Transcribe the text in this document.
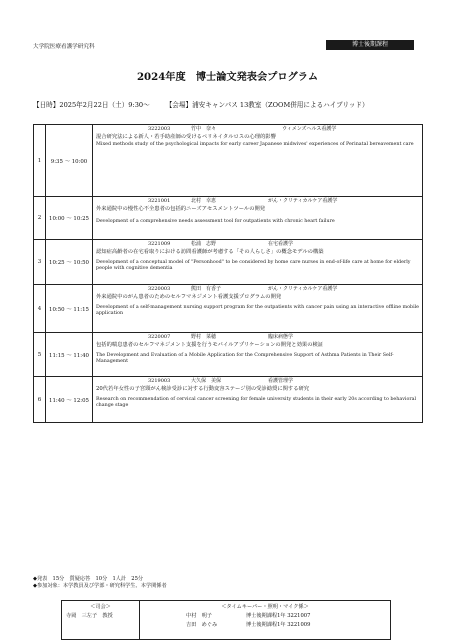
大学院医療看護学研究科	博士後期課程
2024年度　博士論文発表会プログラム
【日時】2025年2月22日（土）9:30〜 【会場】浦安キャンパス 13教室（ZOOM併用によるハイブリッド）
1	9:35 〜 10:00
3222003	竹中　奈々	ウィメンズヘルス看護学
混合研究法による新人・若手助産師の受けるペリネイタルロスの心理的影響
Mixed methods study of the psychological impacts for early career Japanese midwives' experiences of Perinatal bereavement care
2	10:00 〜 10:25
3221001	北村　幸恵	がん・クリティカルケア看護学
外来通院中の慢性心不全患者の包括的ニーズアセスメントツールの開発
Development of a comprehensive needs assessment tool for outpatients with chronic heart failure
3	10:25 〜 10:50
3221009	松浦　志野	在宅看護学
認知症高齢者の在宅看取りにおける訪問看護師が考慮する「その人らしさ」の概念モデルの構築
Development of a conceptual model of "Personhood" to be considered by home care nurses in end-of-life care at home for elderly people with cognitive dementia
4	10:50 〜 11:15
3220003	熊田　有香子	がん・クリティカルケア看護学
外来通院中のがん患者のためのセルフマネジメント看護支援プログラムの開発
Development of a self-management nursing support program for the outpatients with cancer pain using an interactive offline mobile application
5	11:15 〜 11:40
3220007	野村　菜穂	臨床病態学
包括的喘息患者のセルフマネジメント支援を行うモバイルアプリケーションの開発と効果の検証
The Development and Evaluation of a Mobile Application for the Comprehensive Support of Asthma Patients in Their Self-Management
6	11:40 〜 12:05
3219003	大久保　美保	看護管理学
20代若年女性の子宮頸がん検診受診に対する行動変容ステージ別の受診勧奨に関する研究
Research on recommendation of cervical cancer screening for female university students in their early 20s according to behavioral change stage
◆発表　15分　質疑応答　10分　1人計　25分
◆参加対象：本学教員及び学部・研究科学生、本学関係者
＜司会＞
寺岡　三左子　教授
＜タイムキーパー・照明・マイク係＞
中村　明子	博士後期課程1年 3221007
吉田　めぐみ	博士後期課程1年 3221009
